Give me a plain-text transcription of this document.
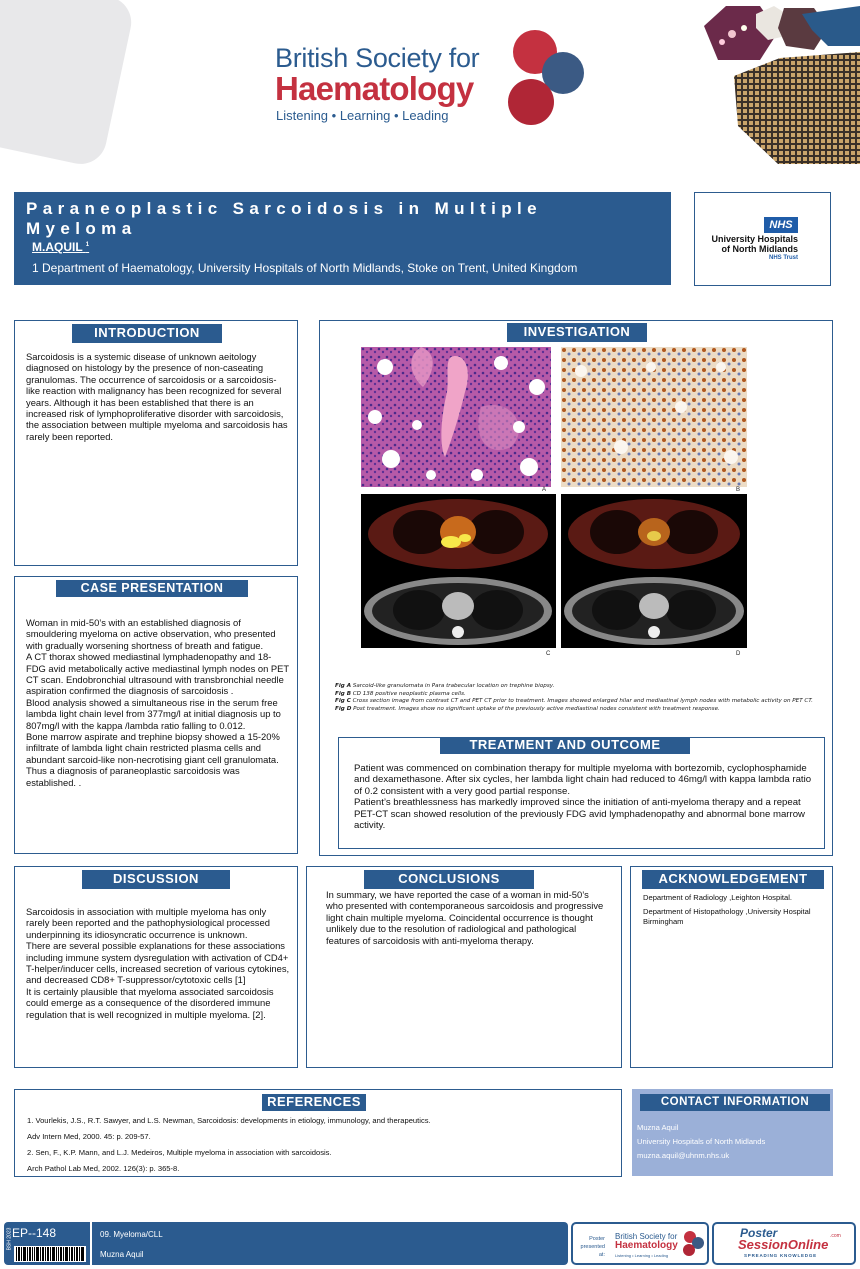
British Society for
Haematology
Listening • Learning • Leading
Paraneoplastic Sarcoidosis in Multiple
Myeloma
M.AQUIL $^1$
1 Department of Haematology, University Hospitals of North Midlands, Stoke on Trent, United Kingdom
NHS
University Hospitals
of North Midlands
NHS Trust
INTRODUCTION
Sarcoidosis is a systemic disease of unknown aeitology diagnosed on histology by the presence of non-caseating granulomas. The occurrence of sarcoidosis or a sarcoidosis-like reaction with malignancy has been recognized for several years. Although it has been established that there is an increased risk of lymphoproliferative disorder with sarcoidosis, the association between multiple myeloma and sarcoidosis has rarely been reported.
CASE PRESENTATION

Woman in mid-50’s with an established diagnosis of smouldering myeloma on active observation, who presented with gradually worsening shortness of breath and fatigue.

A CT thorax showed mediastinal lymphadenopathy and 18-FDG avid metabolically active mediastinal lymph nodes on PET CT scan. Endobronchial ultrasound with transbronchial needle aspiration confirmed the diagnosis of sarcoidosis .

Blood analysis showed a simultaneous rise in the serum free lambda light chain level from 377mg/l at initial diagnosis up to 807mg/l with the kappa /lambda ratio falling to 0.012.

Bone marrow aspirate and trephine biopsy showed a 15-20% infiltrate of lambda light chain restricted plasma cells and abundant sarcoid-like non-necrotising giant cell granulomata. Thus a diagnosis of paraneoplastic sarcoidosis was established. .

INVESTIGATION
A	B
C	D
Fig A Sarcoid-like granulomata in Para trabecular location on trephine biopsy.
Fig B CD 138 positive neoplastic plasma cells.
Fig C Cross section image from contrast CT and PET CT prior to treatment. Images showed enlarged hilar and mediastinal lymph nodes with metabolic activity on PET CT.
Fig D Post treatment. Images show no significant uptake of the previously active mediastinal nodes consistent with treatment response.
TREATMENT AND OUTCOME

Patient was commenced on combination therapy for multiple myeloma with bortezomib, cyclophosphamide and dexamethasone. After six cycles, her lambda light chain had reduced to 46mg/l with kappa lambda ratio of 0.2 consistent with a very good partial response.

Patient’s breathlessness has markedly improved since the initiation of anti-myeloma therapy and a repeat PET-CT scan showed resolution of the previously FDG avid lymphadenopathy and abnormal bone marrow activity.

DISCUSSION

Sarcoidosis in association with multiple myeloma has only rarely been reported and the pathophysiological processed underpinning its idiosyncratic occurrence is unknown.

There are several possible explanations for these associations including immune system dysregulation with activation of CD4+ T-helper/inducer cells, increased secretion of various cytokines, and decreased CD8+ T-suppressor/cytotoxic cells [1]

It is certainly plausible that myeloma associated sarcoidosis could emerge as a consequence of the disordered immune regulation that is well recognized in multiple myeloma. [2].

CONCLUSIONS
In summary, we have reported the case of a woman in mid-50’s who presented with contemporaneous sarcoidosis and progressive light chain multiple myeloma. Coincidental occurrence is thought unlikely due to the resolution of radiological and pathological features of sarcoidosis with anti-myeloma therapy.
ACKNOWLEDGEMENT

Department of Radiology ,Leighton Hospital.

Department of Histopathology ,University Hospital Birmingham

REFERENCES

1. Vourlekis, J.S., R.T. Sawyer, and L.S. Newman, Sarcoidosis: developments in etiology, immunology, and therapeutics.

Adv Intern Med, 2000. 45: p. 209-57.

2. Sen, F., K.P. Mann, and L.J. Medeiros, Multiple myeloma in association with sarcoidosis.

Arch Pathol Lab Med, 2002. 126(3): p. 365-8.

CONTACT INFORMATION

Muzna Aquil

University Hospitals of North Midlands

muzna.aquil@uhnm.nhs.uk

BSH 2023 EP--148	09. Myeloma/CLL
Muzna Aquil
Poster presented at:
British Society for
Haematology
Listening • Learning • Leading
Poster	.com
SessionOnline
SPREADING KNOWLEDGE
